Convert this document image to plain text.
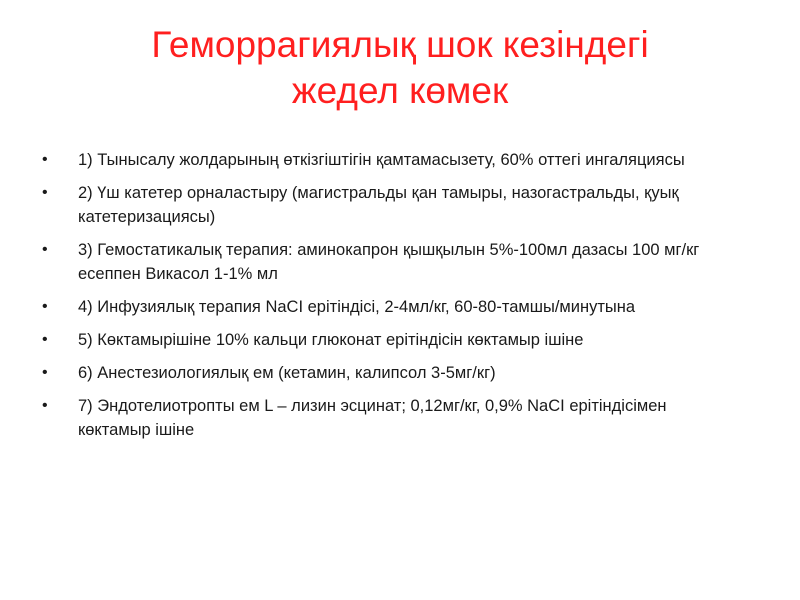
Геморрагиялық шок кезіндегі
жедел көмек
• 1) Тынысалу жолдарының өткізгіштігін қамтамасызету, 60% оттегі ингаляциясы
• 2) Үш катетер орналастыру (магистральды қан тамыры, назогастральды, қуық катетеризациясы)
• 3) Гемостатикалық терапия: аминокапрон қышқылын 5%-100мл дазасы 100 мг/кг есеппен Викасол 1-1% мл
• 4) Инфузиялық терапия NaCI ерітіндісі, 2-4мл/кг, 60-80-тамшы/минутына
• 5) Көктамырішіне 10% кальци глюконат ерітіндісін көктамыр ішіне
• 6) Анестезиологиялық ем (кетамин, калипсол 3-5мг/кг)
• 7) Эндотелиотропты ем L – лизин эсцинат; 0,12мг/кг, 0,9% NaCI ерітіндісімен көктамыр ішіне
